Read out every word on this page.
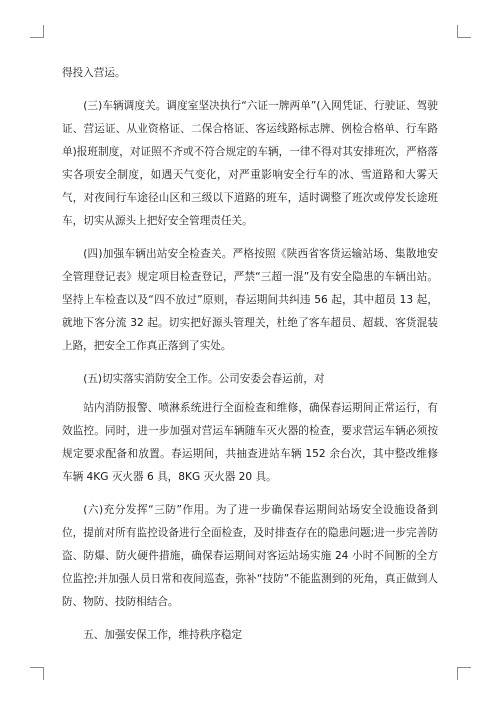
得投入营运。

(三)车辆调度关。调度室坚决执行“六证一牌两单”(入网凭证、行驶证、驾驶证、营运证、从业资格证、二保合格证、客运线路标志牌、例检合格单、行车路单)报班制度，对证照不齐或不符合规定的车辆，一律不得对其安排班次，严格落实各项安全制度，如遇天气变化，对严重影响安全行车的冰、雪道路和大雾天气，对夜间行车途径山区和三级以下道路的班车，适时调整了班次或停发长途班车，切实从源头上把好安全管理责任关。

(四)加强车辆出站安全检查关。严格按照《陕西省客货运输站场、集散地安全管理登记表》规定项目检查登记，严禁“三超一混”及有安全隐患的车辆出站。坚持上车检查以及“四不放过”原则，春运期间共纠违 56 起，其中超员 13 起，就地下客分流 32 起。切实把好源头管理关，杜绝了客车超员、超载、客货混装上路，把安全工作真正落到了实处。

(五)切实落实消防安全工作。公司安委会春运前，对

站内消防报警、喷淋系统进行全面检查和维修，确保春运期间正常运行，有效监控。同时，进一步加强对营运车辆随车灭火器的检查，要求营运车辆必须按规定要求配备和放置。春运期间，共抽查进站车辆 152 余台次，其中整改维修车辆 4KG 灭火器 6 具，8KG 灭火器 20 具。

(六)充分发挥“三防”作用。为了进一步确保春运期间站场安全设施设备到位，提前对所有监控设备进行全面检查，及时排查存在的隐患问题;进一步完善防盗、防爆、防火硬件措施，确保春运期间对客运站场实施 24 小时不间断的全方位监控;并加强人员日常和夜间巡查，弥补“技防”不能监测到的死角，真正做到人防、物防、技防相结合。

五、加强安保工作，维持秩序稳定
